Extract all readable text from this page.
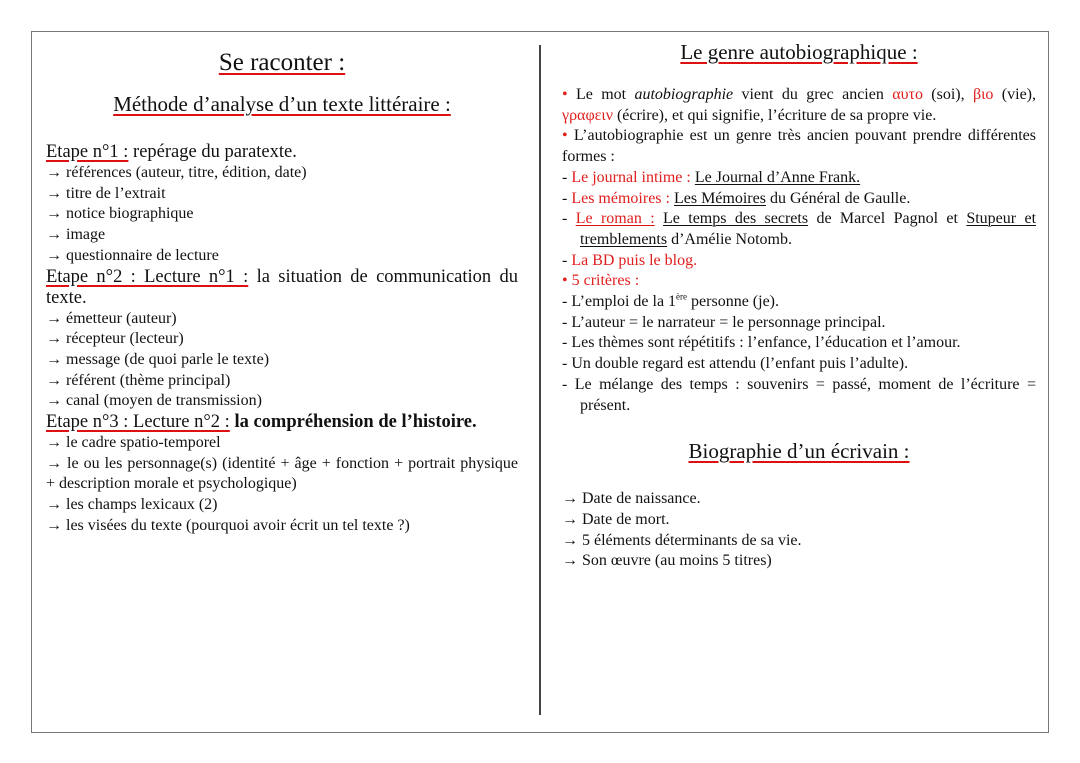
Se raconter :
Méthode d’analyse d’un texte littéraire :
Etape n°1 : repérage du paratexte.
→ références (auteur, titre, édition, date)
→ titre de l’extrait
→ notice biographique
→ image
→ questionnaire de lecture
Etape n°2 : Lecture n°1 : la situation de communication du texte.
→ émetteur (auteur)
→ récepteur (lecteur)
→ message (de quoi parle le texte)
→ référent (thème principal)
→ canal (moyen de transmission)
Etape n°3 : Lecture n°2 : la compréhension de l’histoire.
→ le cadre spatio-temporel
→ le ou les personnage(s) (identité + âge + fonction + portrait physique + description morale et psychologique)
→ les champs lexicaux (2)
→ les visées du texte (pourquoi avoir écrit un tel texte ?)
Le genre autobiographique :
• Le mot autobiographie vient du grec ancien αυτο (soi), βιο (vie), γραφειν (écrire), et qui signifie, l’écriture de sa propre vie.
• L’autobiographie est un genre très ancien pouvant prendre différentes formes :
- Le journal intime : Le Journal d’Anne Frank.
- Les mémoires : Les Mémoires du Général de Gaulle.
- Le roman : Le temps des secrets de Marcel Pagnol et Stupeur et tremblements d’Amélie Notomb.
- La BD puis le blog.
• 5 critères :
- L’emploi de la 1ère personne (je).
- L’auteur = le narrateur = le personnage principal.
- Les thèmes sont répétitifs : l’enfance, l’éducation et l’amour.
- Un double regard est attendu (l’enfant puis l’adulte).
- Le mélange des temps : souvenirs = passé, moment de l’écriture = présent.
Biographie d’un écrivain :
→ Date de naissance.
→ Date de mort.
→ 5 éléments déterminants de sa vie.
→ Son œuvre (au moins 5 titres)
